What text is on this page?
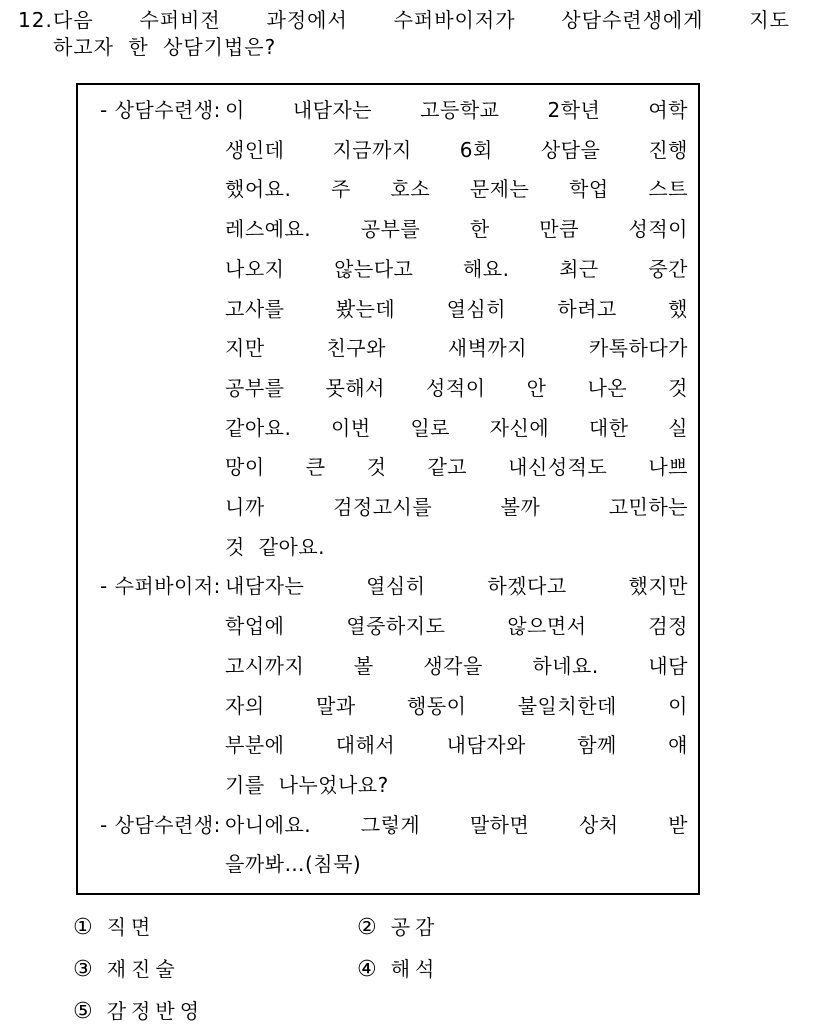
12. 다음 수퍼비전 과정에서 수퍼바이저가 상담수련생에게 지도
하고자 한 상담기법은?
- 상담수련생: 이 내담자는 고등학교 2학년 여학
생인데 지금까지 6회 상담을 진행
했어요. 주 호소 문제는 학업 스트
레스예요. 공부를 한 만큼 성적이
나오지 않는다고 해요. 최근 중간
고사를 봤는데 열심히 하려고 했
지만 친구와 새벽까지 카톡하다가
공부를 못해서 성적이 안 나온 것
같아요. 이번 일로 자신에 대한 실
망이 큰 것 같고 내신성적도 나쁘
니까 검정고시를 볼까 고민하는
것 같아요.
- 수퍼바이저: 내담자는 열심히 하겠다고 했지만
학업에 열중하지도 않으면서 검정
고시까지 볼 생각을 하네요. 내담
자의 말과 행동이 불일치한데 이
부분에 대해서 내담자와 함께 얘
기를 나누었나요?
- 상담수련생: 아니에요. 그렇게 말하면 상처 받
을까봐…(침묵)
① 직면	② 공감
③ 재진술	④ 해석
⑤ 감정반영
